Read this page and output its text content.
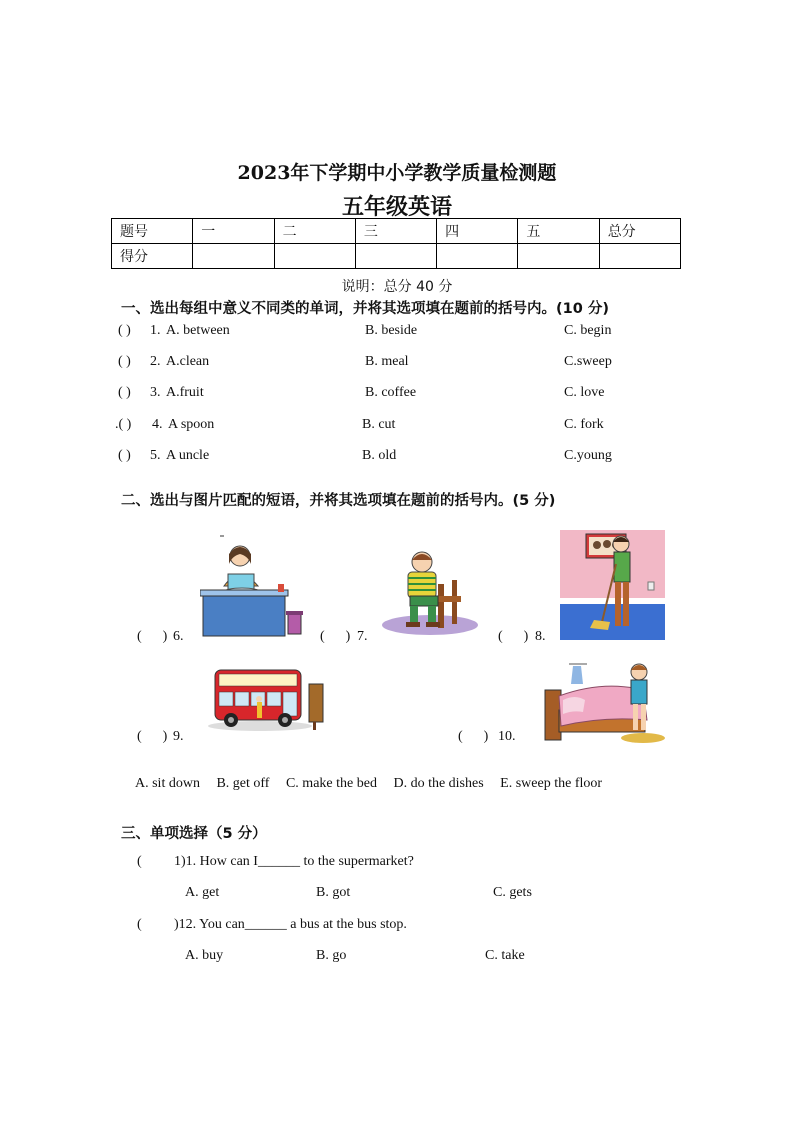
2023年下学期中小学教学质量检测题
五年级英语
题号	一	二	三	四	五	总分
得分						
说明：总分 40 分
一、选出每组中意义不同类的单词，并将其选项填在题前的括号内。(10 分)
( ) 1. A. between	B. beside	C. begin
( ) 2. A.clean	B. meal	C.sweep
( ) 3. A.fruit	B. coffee	C. love
.( ) 4. A spoon	B. cut	C. fork
( ) 5. A uncle	B. old	C.young
二、选出与图片匹配的短语，并将其选项填在题前的括号内。(5 分)
(      ) 6.	(      ) 7.	(      ) 8.
(      ) 9.	(      ) 10.
A. sit down B. get off C. make the bed D. do the dishes E. sweep the floor
三、单项选择（5 分）
( 1)1. How can I______ to the supermarket?
A. get	B. got	C. gets
( )12. You can______ a bus at the bus stop.
A. buy	B. go	C. take
